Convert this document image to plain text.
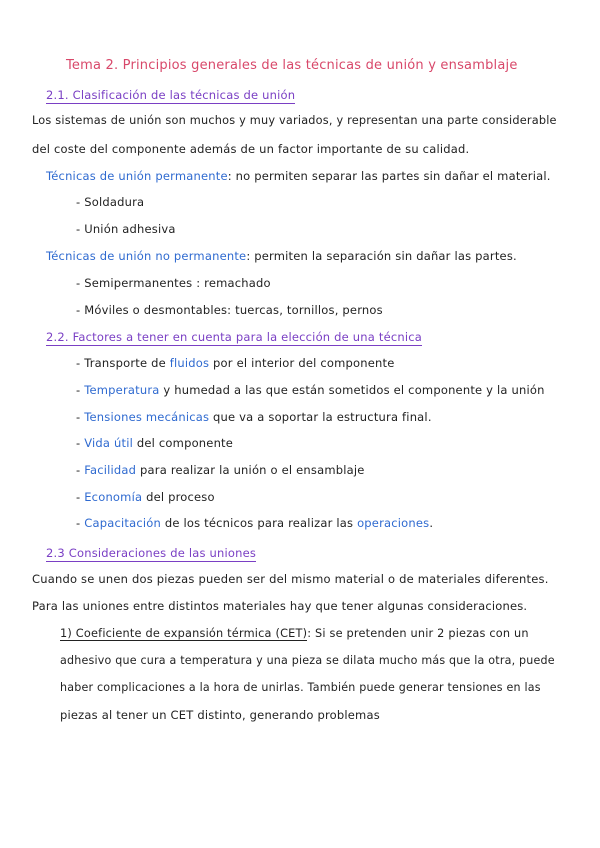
Tema 2. Principios generales de las técnicas de unión y ensamblaje
2.1. Clasificación de las técnicas de unión
Los sistemas de unión son muchos y muy variados, y representan una parte considerable
del coste del componente además de un factor importante de su calidad.
Técnicas de unión permanente: no permiten separar las partes sin dañar el material.
- Soldadura
- Unión adhesiva
Técnicas de unión no permanente: permiten la separación sin dañar las partes.
- Semipermanentes : remachado
- Móviles o desmontables: tuercas, tornillos, pernos
2.2. Factores a tener en cuenta para la elección de una técnica
- Transporte de fluidos por el interior del componente
- Temperatura y humedad a las que están sometidos el componente y la unión
- Tensiones mecánicas que va a soportar la estructura final.
- Vida útil del componente
- Facilidad para realizar la unión o el ensamblaje
- Economía del proceso
- Capacitación de los técnicos para realizar las operaciones.
2.3 Consideraciones de las uniones
Cuando se unen dos piezas pueden ser del mismo material o de materiales diferentes.
Para las uniones entre distintos materiales hay que tener algunas consideraciones.
1) Coeficiente de expansión térmica (CET): Si se pretenden unir 2 piezas con un
adhesivo que cura a temperatura y una pieza se dilata mucho más que la otra, puede
haber complicaciones a la hora de unirlas. También puede generar tensiones en las
piezas al tener un CET distinto, generando problemas
